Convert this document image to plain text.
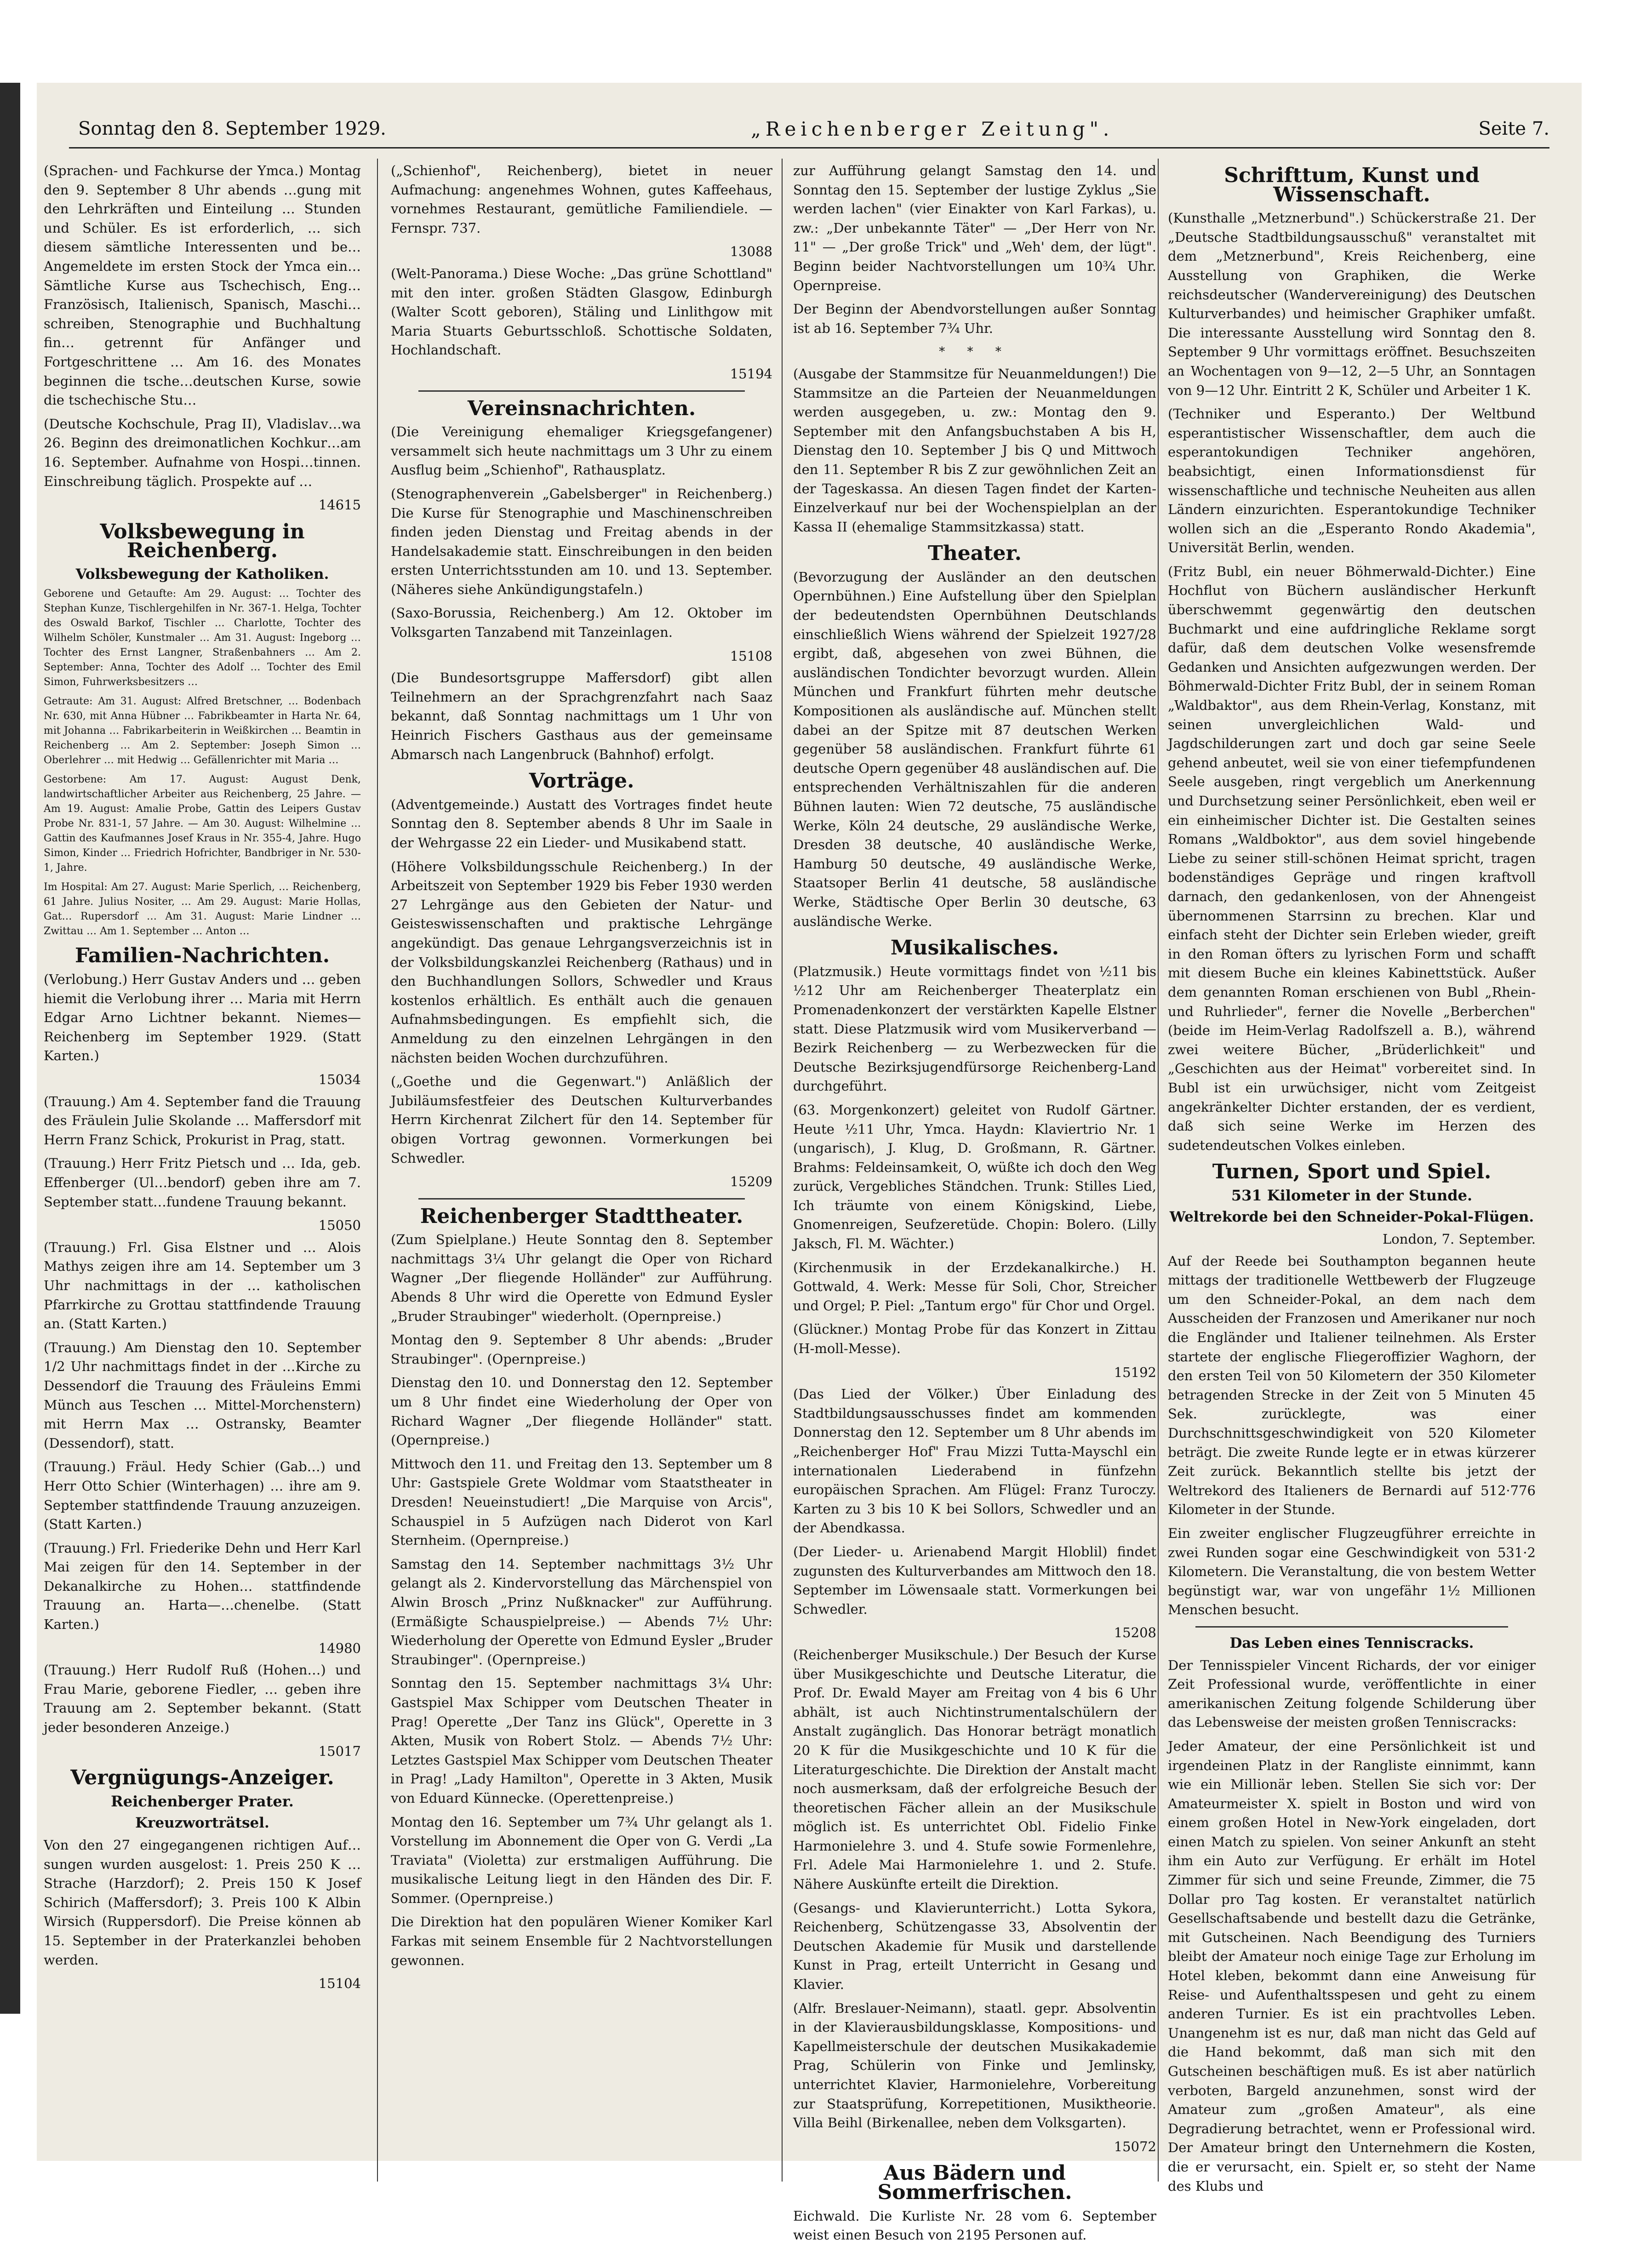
Sonntag den 8. September 1929.	„Reichenberger Zeitung".	Seite 7.
(Sprachen- und Fachkurse der Ymca.) Montag den 9. September 8 Uhr abends …gung mit den Lehrkräften und Einteilung … Stunden und Schüler. Es ist erforderlich, … sich diesem sämtliche Interessenten und be… Angemeldete im ersten Stock der Ymca ein… Sämtliche Kurse aus Tschechisch, Eng… Französisch, Italienisch, Spanisch, Maschi…schreiben, Stenographie und Buchhaltung fin… getrennt für Anfänger und Fortgeschrittene … Am 16. des Monates beginnen die tsche…deutschen Kurse, sowie die tschechische Stu…
(Deutsche Kochschule, Prag II), Vladislav…wa 26. Beginn des dreimonatlichen Kochkur…am 16. September. Aufnahme von Hospi…tinnen. Einschreibung täglich. Prospekte auf …
14615
Volksbewegung in Reichenberg.
Volksbewegung der Katholiken.
Geborene und Getaufte: Am 29. August: … Tochter des Stephan Kunze, Tischlergehilfen in Nr. 367-1. Helga, Tochter des Oswald Barkof, Tischler … Charlotte, Tochter des Wilhelm Schöler, Kunstmaler … Am 31. August: Ingeborg … Tochter des Ernst Langner, Straßenbahners … Am 2. September: Anna, Tochter des Adolf … Tochter des Emil Simon, Fuhrwerksbesitzers …
Getraute: Am 31. August: Alfred Bretschner, … Bodenbach Nr. 630, mit Anna Hübner … Fabrikbeamter in Harta Nr. 64, mit Johanna … Fabrikarbeiterin in Weißkirchen … Beamtin in Reichenberg … Am 2. September: Joseph Simon … Oberlehrer … mit Hedwig … Gefällenrichter mit Maria …
Gestorbene: Am 17. August: August Denk, landwirtschaftlicher Arbeiter aus Reichenberg, 25 Jahre. — Am 19. August: Amalie Probe, Gattin des Leipers Gustav Probe Nr. 831-1, 57 Jahre. — Am 30. August: Wilhelmine … Gattin des Kaufmannes Josef Kraus in Nr. 355-4, Jahre. Hugo Simon, Kinder … Friedrich Hofrichter, Bandbriger in Nr. 530-1, Jahre.
Im Hospital: Am 27. August: Marie Sperlich, … Reichenberg, 61 Jahre. Julius Nositer, … Am 29. August: Marie Hollas, Gat… Rupersdorf … Am 31. August: Marie Lindner … Zwittau … Am 1. September … Anton …
Familien-Nachrichten.
(Verlobung.) Herr Gustav Anders und … geben hiemit die Verlobung ihrer … Maria mit Herrn Edgar Arno Lichtner bekannt. Niemes—Reichenberg im September 1929. (Statt Karten.)
15034
(Trauung.) Am 4. September fand die Trauung des Fräulein Julie Skolande … Maffersdorf mit Herrn Franz Schick, Prokurist in Prag, statt.
(Trauung.) Herr Fritz Pietsch und … Ida, geb. Effenberger (Ul…bendorf) geben ihre am 7. September statt…fundene Trauung bekannt.
15050
(Trauung.) Frl. Gisa Elstner und … Alois Mathys zeigen ihre am 14. September um 3 Uhr nachmittags in der … katholischen Pfarrkirche zu Grottau stattfindende Trauung an. (Statt Karten.)
(Trauung.) Am Dienstag den 10. September 1/2 Uhr nachmittags findet in der …Kirche zu Dessendorf die Trauung des Fräuleins Emmi Münch aus Teschen … Mittel-Morchenstern) mit Herrn Max … Ostransky, Beamter (Dessendorf), statt.
(Trauung.) Fräul. Hedy Schier (Gab…) und Herr Otto Schier (Winterhagen) … ihre am 9. September stattfindende Trauung anzuzeigen. (Statt Karten.)
(Trauung.) Frl. Friederike Dehn und Herr Karl Mai zeigen für den 14. September in der Dekanalkirche zu Hohen… stattfindende Trauung an. Harta—…chenelbe. (Statt Karten.)
14980
(Trauung.) Herr Rudolf Ruß (Hohen…) und Frau Marie, geborene Fiedler, … geben ihre Trauung am 2. September bekannt. (Statt jeder besonderen Anzeige.)
15017
Vergnügungs-Anzeiger.
Reichenberger Prater.
Kreuzworträtsel.
Von den 27 eingegangenen richtigen Auf…sungen wurden ausgelost: 1. Preis 250 K … Strache (Harzdorf); 2. Preis 150 K Josef Schirich (Maffersdorf); 3. Preis 100 K Albin Wirsich (Ruppersdorf). Die Preise können ab 15. September in der Praterkanzlei behoben werden.
15104
(„Schienhof", Reichenberg), bietet in neuer Aufmachung: angenehmes Wohnen, gutes Kaffeehaus, vornehmes Restaurant, gemütliche Familiendiele. — Fernspr. 737.
13088
(Welt-Panorama.) Diese Woche: „Das grüne Schottland" mit den inter. großen Städten Glasgow, Edinburgh (Walter Scott geboren), Stäling und Linlithgow mit Maria Stuarts Geburtsschloß. Schottische Soldaten, Hochlandschaft.
15194
Vereinsnachrichten.
(Die Vereinigung ehemaliger Kriegsgefangener) versammelt sich heute nachmittags um 3 Uhr zu einem Ausflug beim „Schienhof", Rathausplatz.
(Stenographenverein „Gabelsberger" in Reichenberg.) Die Kurse für Stenographie und Maschinenschreiben finden jeden Dienstag und Freitag abends in der Handelsakademie statt. Einschreibungen in den beiden ersten Unterrichtsstunden am 10. und 13. September. (Näheres siehe Ankündigungstafeln.)
(Saxo-Borussia, Reichenberg.) Am 12. Oktober im Volksgarten Tanzabend mit Tanzeinlagen.
15108
(Die Bundesortsgruppe Maffersdorf) gibt allen Teilnehmern an der Sprachgrenzfahrt nach Saaz bekannt, daß Sonntag nachmittags um 1 Uhr von Heinrich Fischers Gasthaus aus der gemeinsame Abmarsch nach Langenbruck (Bahnhof) erfolgt.
Vorträge.
(Adventgemeinde.) Austatt des Vortrages findet heute Sonntag den 8. September abends 8 Uhr im Saale in der Wehrgasse 22 ein Lieder- und Musikabend statt.
(Höhere Volksbildungsschule Reichenberg.) In der Arbeitszeit von September 1929 bis Feber 1930 werden 27 Lehrgänge aus den Gebieten der Natur- und Geisteswissenschaften und praktische Lehrgänge angekündigt. Das genaue Lehrgangsverzeichnis ist in der Volksbildungskanzlei Reichenberg (Rathaus) und in den Buchhandlungen Sollors, Schwedler und Kraus kostenlos erhältlich. Es enthält auch die genauen Aufnahmsbedingungen. Es empfiehlt sich, die Anmeldung zu den einzelnen Lehrgängen in den nächsten beiden Wochen durchzuführen.
(„Goethe und die Gegenwart.") Anläßlich der Jubiläumsfestfeier des Deutschen Kulturverbandes Herrn Kirchenrat Zilchert für den 14. September für obigen Vortrag gewonnen. Vormerkungen bei Schwedler.
15209
Reichenberger Stadttheater.
(Zum Spielplane.) Heute Sonntag den 8. September nachmittags 3¼ Uhr gelangt die Oper von Richard Wagner „Der fliegende Holländer" zur Aufführung. Abends 8 Uhr wird die Operette von Edmund Eysler „Bruder Straubinger" wiederholt. (Opernpreise.)
Montag den 9. September 8 Uhr abends: „Bruder Straubinger". (Opernpreise.)
Dienstag den 10. und Donnerstag den 12. September um 8 Uhr findet eine Wiederholung der Oper von Richard Wagner „Der fliegende Holländer" statt. (Opernpreise.)
Mittwoch den 11. und Freitag den 13. September um 8 Uhr: Gastspiele Grete Woldmar vom Staatstheater in Dresden! Neueinstudiert! „Die Marquise von Arcis", Schauspiel in 5 Aufzügen nach Diderot von Karl Sternheim. (Opernpreise.)
Samstag den 14. September nachmittags 3½ Uhr gelangt als 2. Kindervorstellung das Märchenspiel von Alwin Brosch „Prinz Nußknacker" zur Aufführung. (Ermäßigte Schauspielpreise.) — Abends 7½ Uhr: Wiederholung der Operette von Edmund Eysler „Bruder Straubinger". (Opernpreise.)
Sonntag den 15. September nachmittags 3¼ Uhr: Gastspiel Max Schipper vom Deutschen Theater in Prag! Operette „Der Tanz ins Glück", Operette in 3 Akten, Musik von Robert Stolz. — Abends 7½ Uhr: Letztes Gastspiel Max Schipper vom Deutschen Theater in Prag! „Lady Hamilton", Operette in 3 Akten, Musik von Eduard Künnecke. (Operettenpreise.)
Montag den 16. September um 7¾ Uhr gelangt als 1. Vorstellung im Abonnement die Oper von G. Verdi „La Traviata" (Violetta) zur erstmaligen Aufführung. Die musikalische Leitung liegt in den Händen des Dir. F. Sommer. (Opernpreise.)
Die Direktion hat den populären Wiener Komiker Karl Farkas mit seinem Ensemble für 2 Nachtvorstellungen gewonnen.
zur Aufführung gelangt Samstag den 14. und Sonntag den 15. September der lustige Zyklus „Sie werden lachen" (vier Einakter von Karl Farkas), u. zw.: „Der unbekannte Täter" — „Der Herr von Nr. 11" — „Der große Trick" und „Weh' dem, der lügt". Beginn beider Nachtvorstellungen um 10¾ Uhr. Opernpreise.
Der Beginn der Abendvorstellungen außer Sonntag ist ab 16. September 7¾ Uhr.
* * *
(Ausgabe der Stammsitze für Neuanmeldungen!) Die Stammsitze an die Parteien der Neuanmeldungen werden ausgegeben, u. zw.: Montag den 9. September mit den Anfangsbuchstaben A bis H, Dienstag den 10. September J bis Q und Mittwoch den 11. September R bis Z zur gewöhnlichen Zeit an der Tageskassa. An diesen Tagen findet der Karten-Einzelverkauf nur bei der Wochenspielplan an der Kassa II (ehemalige Stammsitzkassa) statt.
Theater.
(Bevorzugung der Ausländer an den deutschen Opernbühnen.) Eine Aufstellung über den Spielplan der bedeutendsten Opernbühnen Deutschlands einschließlich Wiens während der Spielzeit 1927/28 ergibt, daß, abgesehen von zwei Bühnen, die ausländischen Tondichter bevorzugt wurden. Allein München und Frankfurt führten mehr deutsche Kompositionen als ausländische auf. München stellt dabei an der Spitze mit 87 deutschen Werken gegenüber 58 ausländischen. Frankfurt führte 61 deutsche Opern gegenüber 48 ausländischen auf. Die entsprechenden Verhältniszahlen für die anderen Bühnen lauten: Wien 72 deutsche, 75 ausländische Werke, Köln 24 deutsche, 29 ausländische Werke, Dresden 38 deutsche, 40 ausländische Werke, Hamburg 50 deutsche, 49 ausländische Werke, Staatsoper Berlin 41 deutsche, 58 ausländische Werke, Städtische Oper Berlin 30 deutsche, 63 ausländische Werke.
Musikalisches.
(Platzmusik.) Heute vormittags findet von ½11 bis ½12 Uhr am Reichenberger Theaterplatz ein Promenadenkonzert der verstärkten Kapelle Elstner statt. Diese Platzmusik wird vom Musikerverband — Bezirk Reichenberg — zu Werbezwecken für die Deutsche Bezirksjugendfürsorge Reichenberg-Land durchgeführt.
(63. Morgenkonzert) geleitet von Rudolf Gärtner. Heute ½11 Uhr, Ymca. Haydn: Klaviertrio Nr. 1 (ungarisch), J. Klug, D. Großmann, R. Gärtner. Brahms: Feldeinsamkeit, O, wüßte ich doch den Weg zurück, Vergebliches Ständchen. Trunk: Stilles Lied, Ich träumte von einem Königskind, Liebe, Gnomenreigen, Seufzeretüde. Chopin: Bolero. (Lilly Jaksch, Fl. M. Wächter.)
(Kirchenmusik in der Erzdekanalkirche.) H. Gottwald, 4. Werk: Messe für Soli, Chor, Streicher und Orgel; P. Piel: „Tantum ergo" für Chor und Orgel.
(Glückner.) Montag Probe für das Konzert in Zittau (H-moll-Messe).
15192
(Das Lied der Völker.) Über Einladung des Stadtbildungsausschusses findet am kommenden Donnerstag den 12. September um 8 Uhr abends im „Reichenberger Hof" Frau Mizzi Tutta-Mayschl ein internationalen Liederabend in fünfzehn europäischen Sprachen. Am Flügel: Franz Turoczy. Karten zu 3 bis 10 K bei Sollors, Schwedler und an der Abendkassa.
(Der Lieder- u. Arienabend Margit Hloblil) findet zugunsten des Kulturverbandes am Mittwoch den 18. September im Löwensaale statt. Vormerkungen bei Schwedler.
15208
(Reichenberger Musikschule.) Der Besuch der Kurse über Musikgeschichte und Deutsche Literatur, die Prof. Dr. Ewald Mayer am Freitag von 4 bis 6 Uhr abhält, ist auch Nichtinstrumentalschülern der Anstalt zugänglich. Das Honorar beträgt monatlich 20 K für die Musikgeschichte und 10 K für die Literaturgeschichte. Die Direktion der Anstalt macht noch ausmerksam, daß der erfolgreiche Besuch der theoretischen Fächer allein an der Musikschule möglich ist. Es unterrichtet Obl. Fidelio Finke Harmonielehre 3. und 4. Stufe sowie Formenlehre, Frl. Adele Mai Harmonielehre 1. und 2. Stufe. Nähere Auskünfte erteilt die Direktion.
(Gesangs- und Klavierunterricht.) Lotta Sykora, Reichenberg, Schützengasse 33, Absolventin der Deutschen Akademie für Musik und darstellende Kunst in Prag, erteilt Unterricht in Gesang und Klavier.
(Alfr. Breslauer-Neimann), staatl. gepr. Absolventin in der Klavierausbildungsklasse, Kompositions- und Kapellmeisterschule der deutschen Musikakademie Prag, Schülerin von Finke und Jemlinsky, unterrichtet Klavier, Harmonielehre, Vorbereitung zur Staatsprüfung, Korrepetitionen, Musiktheorie. Villa Beihl (Birkenallee, neben dem Volksgarten).
15072
Aus Bädern und Sommerfrischen.
Eichwald. Die Kurliste Nr. 28 vom 6. September weist einen Besuch von 2195 Personen auf.
Schrifttum, Kunst und Wissenschaft.
(Kunsthalle „Metznerbund".) Schückerstraße 21. Der „Deutsche Stadtbildungsausschuß" veranstaltet mit dem „Metznerbund", Kreis Reichenberg, eine Ausstellung von Graphiken, die Werke reichsdeutscher (Wandervereinigung) des Deutschen Kulturverbandes) und heimischer Graphiker umfaßt. Die interessante Ausstellung wird Sonntag den 8. September 9 Uhr vormittags eröffnet. Besuchszeiten an Wochentagen von 9—12, 2—5 Uhr, an Sonntagen von 9—12 Uhr. Eintritt 2 K, Schüler und Arbeiter 1 K.
(Techniker und Esperanto.) Der Weltbund esperantistischer Wissenschaftler, dem auch die esperantokundigen Techniker angehören, beabsichtigt, einen Informationsdienst für wissenschaftliche und technische Neuheiten aus allen Ländern einzurichten. Esperantokundige Techniker wollen sich an die „Esperanto Rondo Akademia", Universität Berlin, wenden.
(Fritz Bubl, ein neuer Böhmerwald-Dichter.) Eine Hochflut von Büchern ausländischer Herkunft überschwemmt gegenwärtig den deutschen Buchmarkt und eine aufdringliche Reklame sorgt dafür, daß dem deutschen Volke wesensfremde Gedanken und Ansichten aufgezwungen werden. Der Böhmerwald-Dichter Fritz Bubl, der in seinem Roman „Waldbaktor", aus dem Rhein-Verlag, Konstanz, mit seinen unvergleichlichen Wald- und Jagdschilderungen zart und doch gar seine Seele gehend anbeutet, weil sie von einer tiefempfundenen Seele ausgeben, ringt vergeblich um Anerkennung und Durchsetzung seiner Persönlichkeit, eben weil er ein einheimischer Dichter ist. Die Gestalten seines Romans „Waldboktor", aus dem soviel hingebende Liebe zu seiner still-schönen Heimat spricht, tragen bodenständiges Gepräge und ringen kraftvoll darnach, den gedankenlosen, von der Ahnengeist übernommenen Starrsinn zu brechen. Klar und einfach steht der Dichter sein Erleben wieder, greift in den Roman öfters zu lyrischen Form und schafft mit diesem Buche ein kleines Kabinettstück. Außer dem genannten Roman erschienen von Bubl „Rhein- und Ruhrlieder", ferner die Novelle „Berberchen" (beide im Heim-Verlag Radolfszell a. B.), während zwei weitere Bücher, „Brüderlichkeit" und „Geschichten aus der Heimat" vorbereitet sind. In Bubl ist ein urwüchsiger, nicht vom Zeitgeist angekränkelter Dichter erstanden, der es verdient, daß sich seine Werke im Herzen des sudetendeutschen Volkes einleben.
Turnen, Sport und Spiel.
531 Kilometer in der Stunde.
Weltrekorde bei den Schneider-Pokal-Flügen.
London, 7. September.
Auf der Reede bei Southampton begannen heute mittags der traditionelle Wettbewerb der Flugzeuge um den Schneider-Pokal, an dem nach dem Ausscheiden der Franzosen und Amerikaner nur noch die Engländer und Italiener teilnehmen. Als Erster startete der englische Fliegeroffizier Waghorn, der den ersten Teil von 50 Kilometern der 350 Kilometer betragenden Strecke in der Zeit von 5 Minuten 45 Sek. zurücklegte, was einer Durchschnittsgeschwindigkeit von 520 Kilometer beträgt. Die zweite Runde legte er in etwas kürzerer Zeit zurück. Bekanntlich stellte bis jetzt der Weltrekord des Italieners de Bernardi auf 512·776 Kilometer in der Stunde.
Ein zweiter englischer Flugzeugführer erreichte in zwei Runden sogar eine Geschwindigkeit von 531·2 Kilometern. Die Veranstaltung, die von bestem Wetter begünstigt war, war von ungefähr 1½ Millionen Menschen besucht.
Das Leben eines Tenniscracks.
Der Tennisspieler Vincent Richards, der vor einiger Zeit Professional wurde, veröffentlichte in einer amerikanischen Zeitung folgende Schilderung über das Lebensweise der meisten großen Tenniscracks:
Jeder Amateur, der eine Persönlichkeit ist und irgendeinen Platz in der Rangliste einnimmt, kann wie ein Millionär leben. Stellen Sie sich vor: Der Amateurmeister X. spielt in Boston und wird von einem großen Hotel in New-York eingeladen, dort einen Match zu spielen. Von seiner Ankunft an steht ihm ein Auto zur Verfügung. Er erhält im Hotel Zimmer für sich und seine Freunde, Zimmer, die 75 Dollar pro Tag kosten. Er veranstaltet natürlich Gesellschaftsabende und bestellt dazu die Getränke, mit Gutscheinen. Nach Beendigung des Turniers bleibt der Amateur noch einige Tage zur Erholung im Hotel kleben, bekommt dann eine Anweisung für Reise- und Aufenthaltsspesen und geht zu einem anderen Turnier. Es ist ein prachtvolles Leben. Unangenehm ist es nur, daß man nicht das Geld auf die Hand bekommt, daß man sich mit den Gutscheinen beschäftigen muß. Es ist aber natürlich verboten, Bargeld anzunehmen, sonst wird der Amateur zum „großen Amateur", als eine Degradierung betrachtet, wenn er Professional wird. Der Amateur bringt den Unternehmern die Kosten, die er verursacht, ein. Spielt er, so steht der Name des Klubs und
